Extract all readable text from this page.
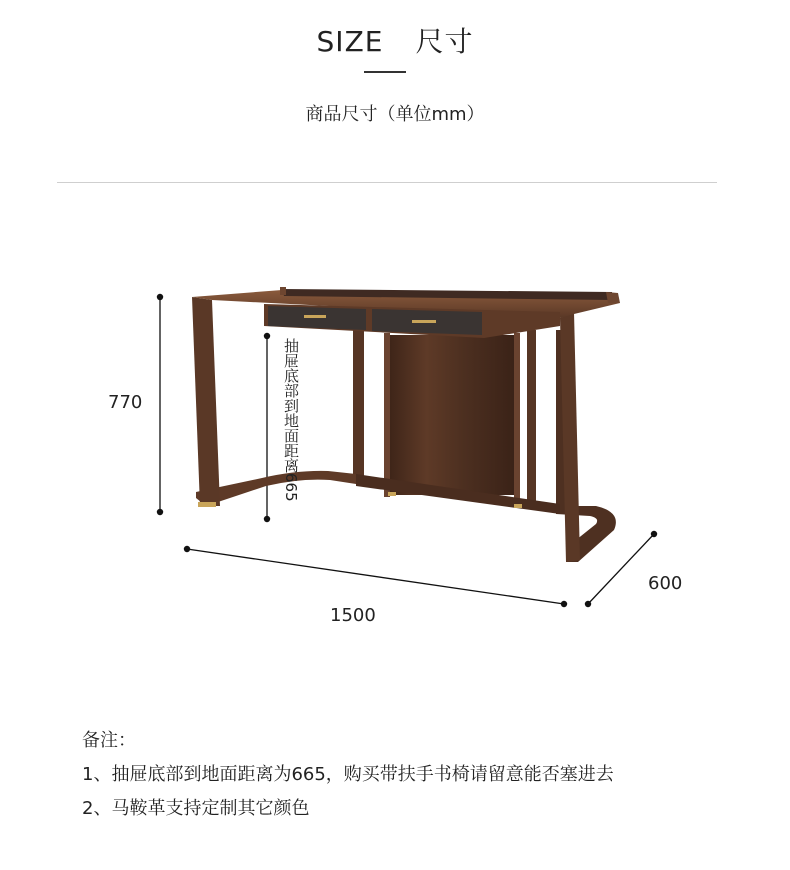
SIZE 尺寸
商品尺寸（单位mm）
770
1500
600
抽屉底部到地面距离665
备注：
1、抽屉底部到地面距离为665，购买带扶手书椅请留意能否塞进去
2、马鞍革支持定制其它颜色
